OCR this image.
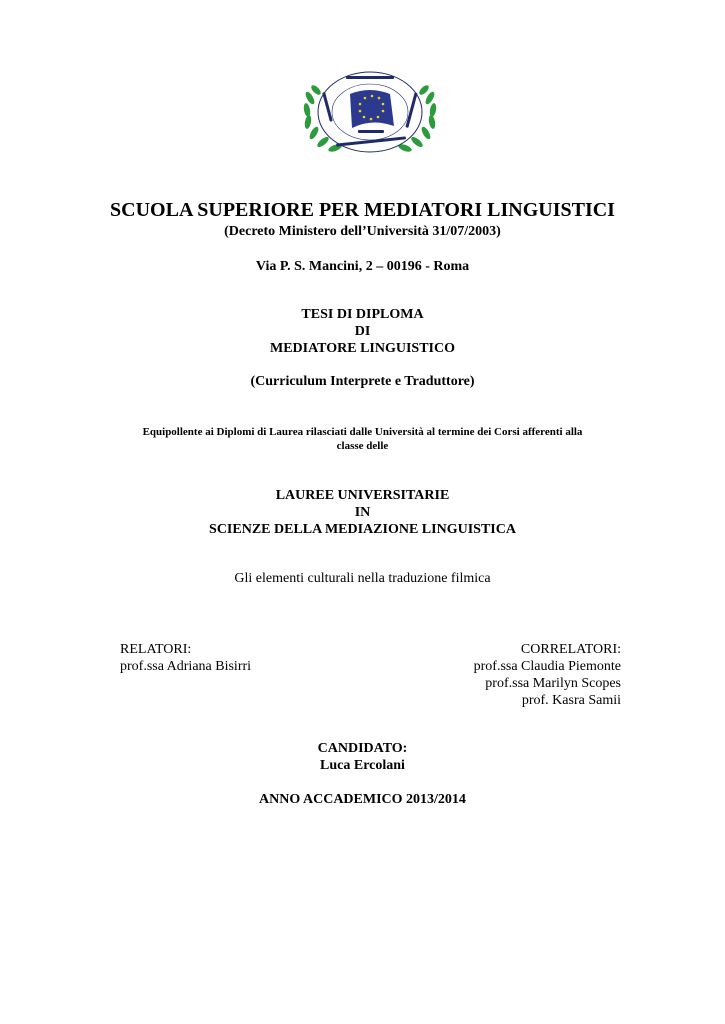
SCUOLA SUPERIORE PER MEDIATORI LINGUISTICI
(Decreto Ministero dell’Università 31/07/2003)
Via P. S. Mancini, 2 – 00196 - Roma
TESI DI DIPLOMA
DI
MEDIATORE LINGUISTICO
(Curriculum Interprete e Traduttore)
Equipollente ai Diplomi di Laurea rilasciati dalle Università al termine dei Corsi afferenti alla
classe delle
LAUREE UNIVERSITARIE
IN
SCIENZE DELLA MEDIAZIONE LINGUISTICA
Gli elementi culturali nella traduzione filmica
RELATORI:
prof.ssa Adriana Bisirri
CORRELATORI:
prof.ssa Claudia Piemonte
prof.ssa Marilyn Scopes
prof. Kasra Samii
CANDIDATO:
Luca Ercolani
ANNO ACCADEMICO 2013/2014
